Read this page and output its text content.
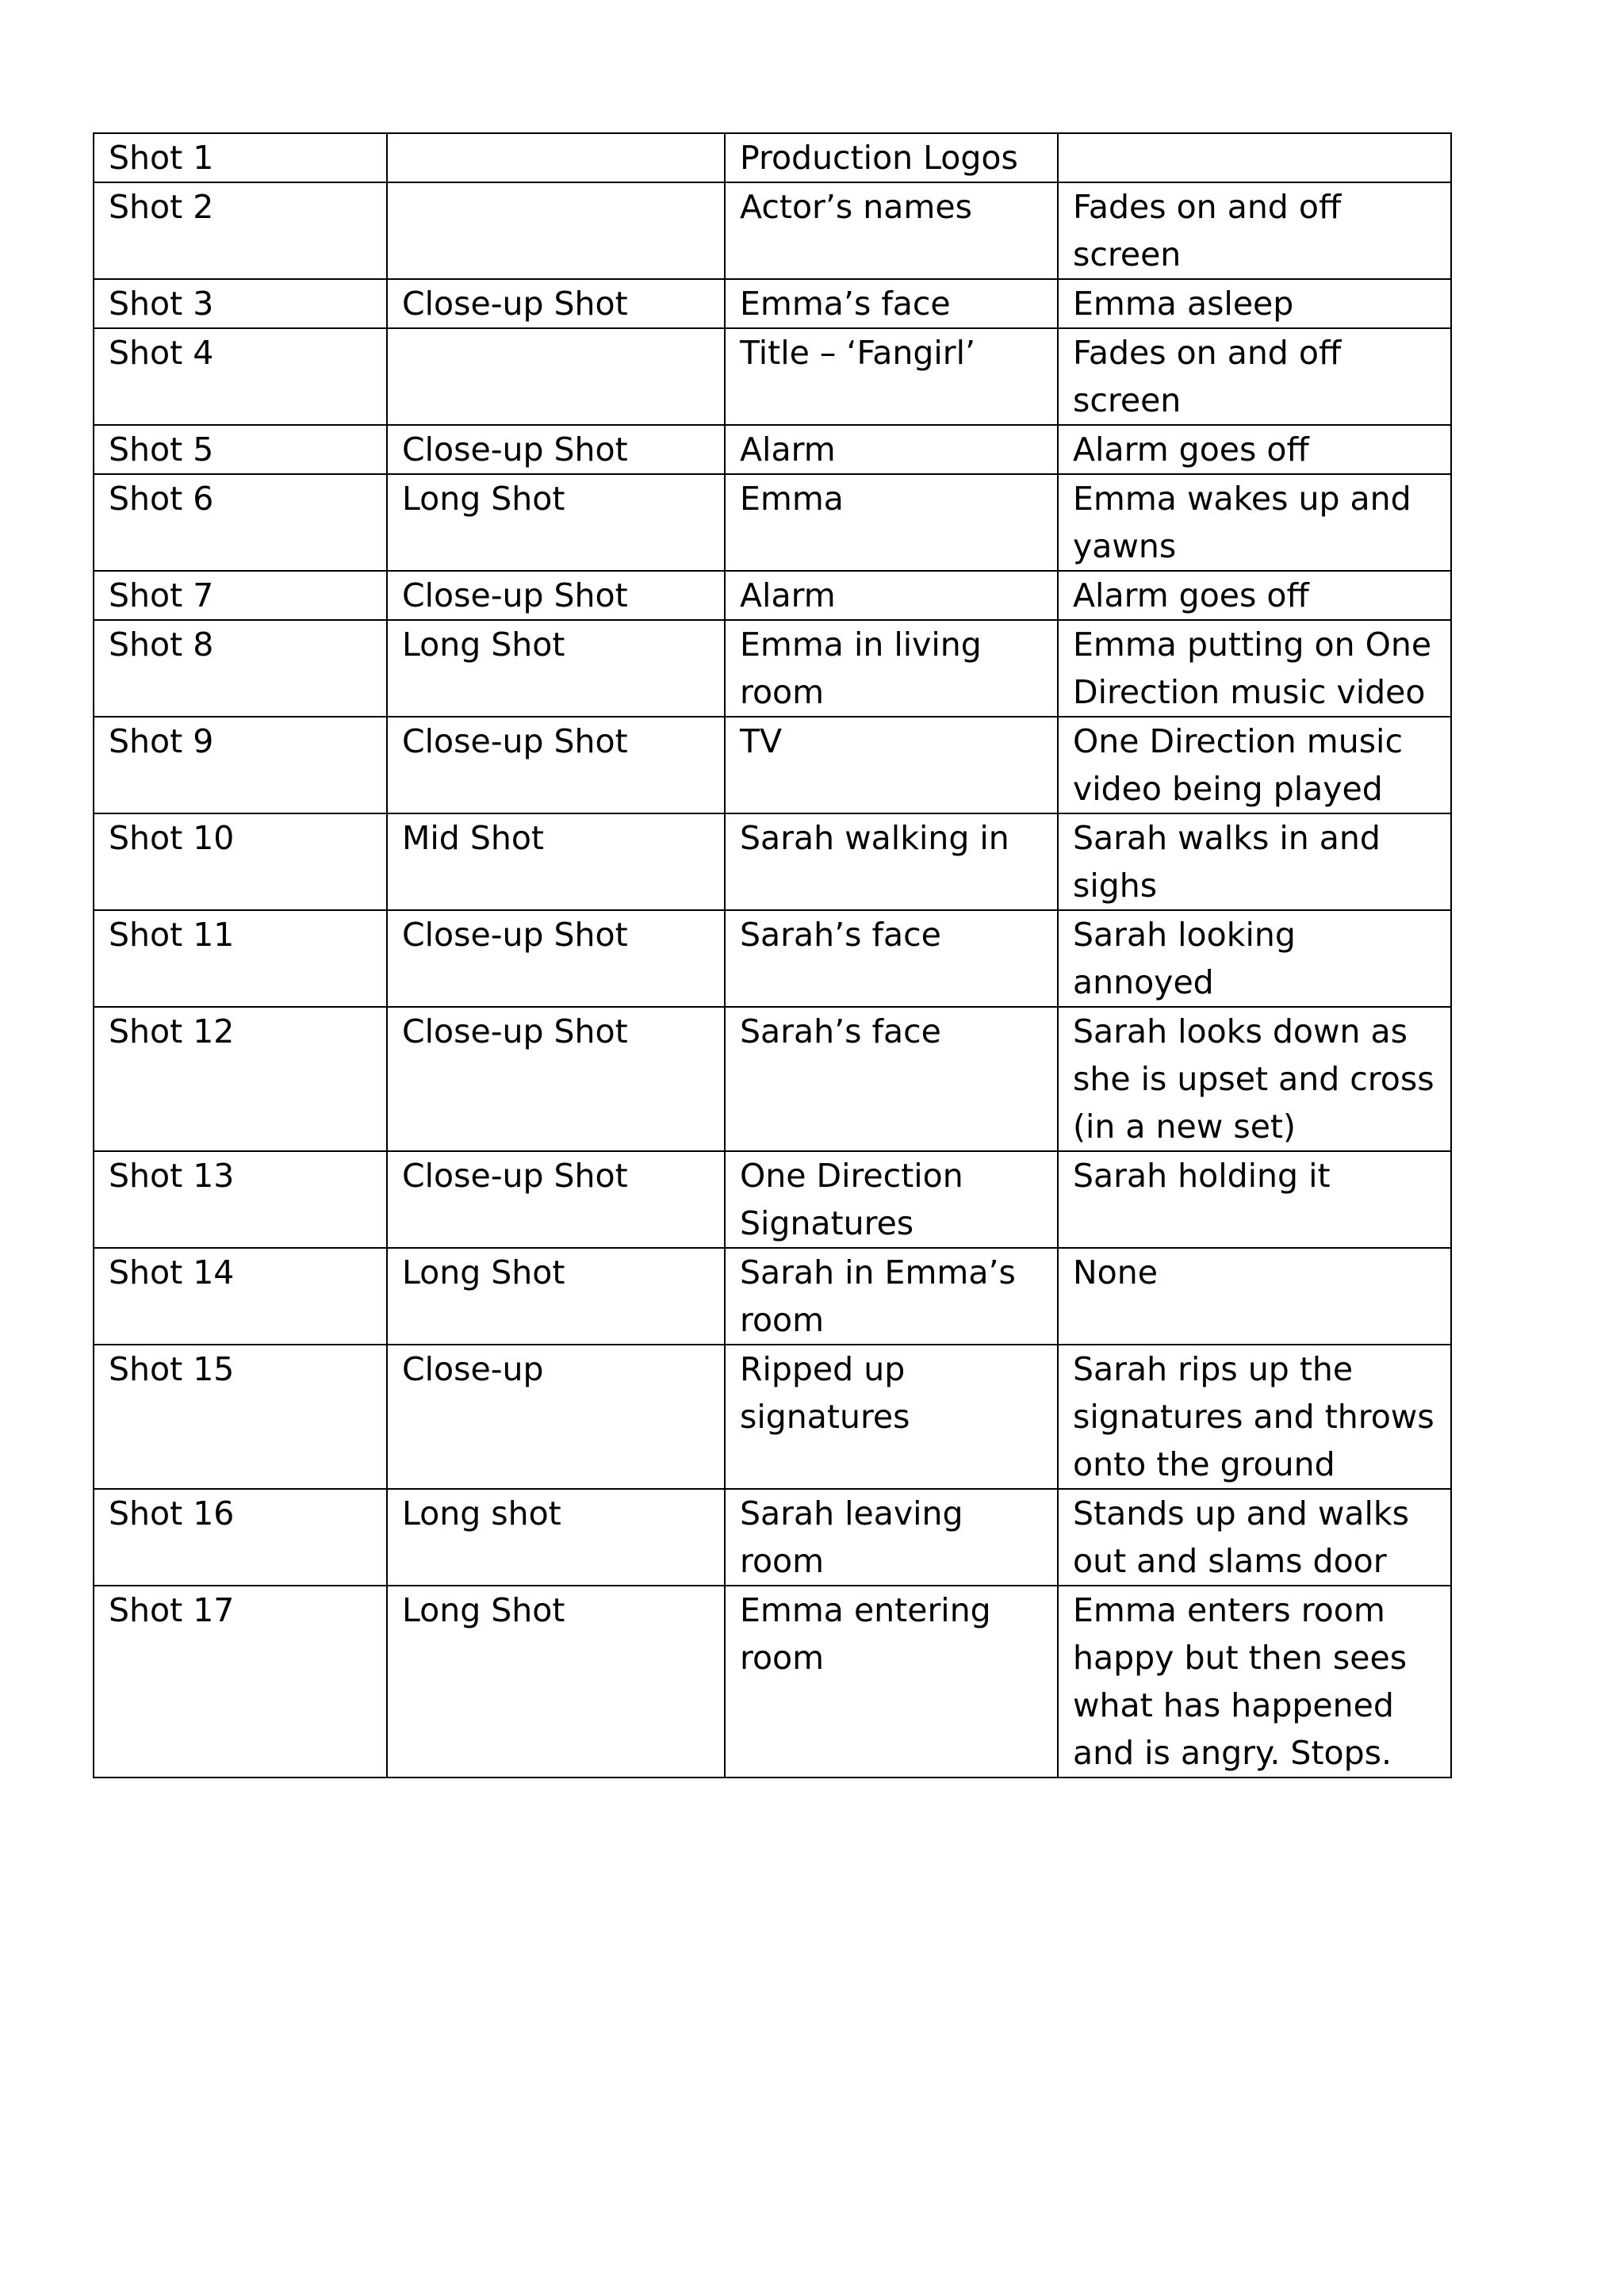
Shot 1		Production Logos	
Shot 2		Actor’s names	Fades on and off
screen
Shot 3	Close-up Shot	Emma’s face	Emma asleep
Shot 4		Title – ‘Fangirl’	Fades on and off
screen
Shot 5	Close-up Shot	Alarm	Alarm goes off
Shot 6	Long Shot	Emma	Emma wakes up and
yawns
Shot 7	Close-up Shot	Alarm	Alarm goes off
Shot 8	Long Shot	Emma in living
room	Emma putting on One
Direction music video
Shot 9	Close-up Shot	TV	One Direction music
video being played
Shot 10	Mid Shot	Sarah walking in	Sarah walks in and
sighs
Shot 11	Close-up Shot	Sarah’s face	Sarah looking annoyed
Shot 12	Close-up Shot	Sarah’s face	Sarah looks down as
she is upset and cross
(in a new set)
Shot 13	Close-up Shot	One Direction
Signatures	Sarah holding it
Shot 14	Long Shot	Sarah in Emma’s
room	None
Shot 15	Close-up	Ripped up
signatures	Sarah rips up the
signatures and throws
onto the ground
Shot 16	Long shot	Sarah leaving room	Stands up and walks
out and slams door
Shot 17	Long Shot	Emma entering
room	Emma enters room
happy but then sees
what has happened
and is angry. Stops.
